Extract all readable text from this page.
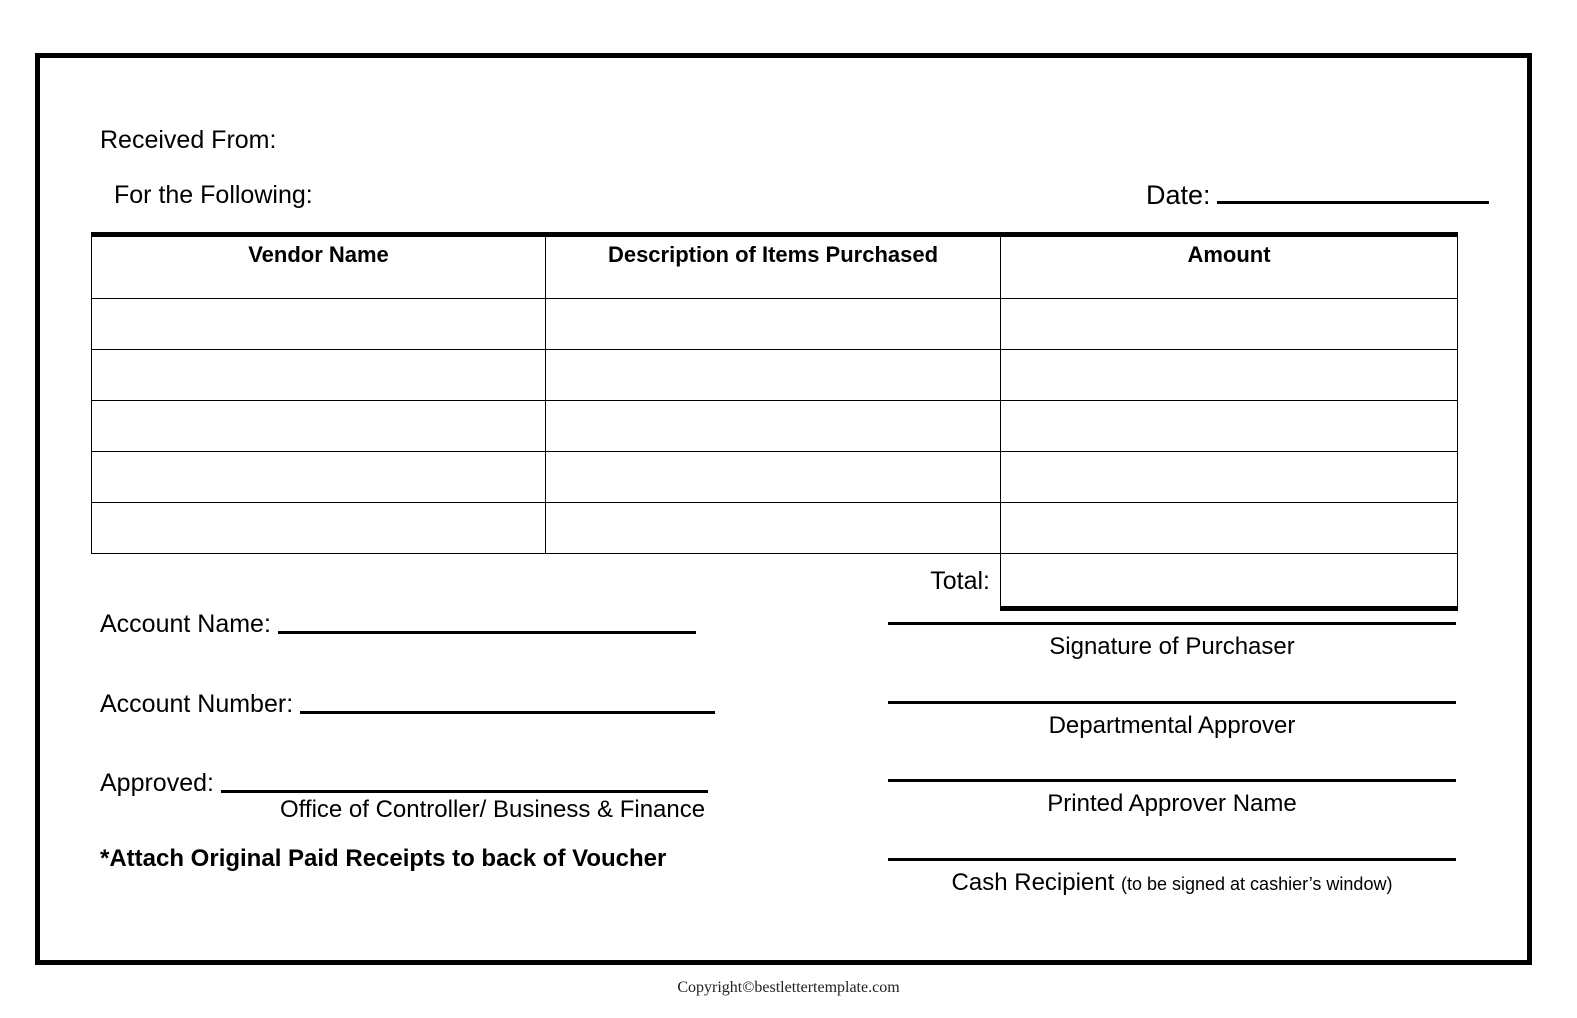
Received From:
For the Following:	Date:
Vendor Name	Description of Items Purchased	Amount

	Total:	
Account Name:
Account Number:
Approved:
Office of Controller/ Business & Finance
*Attach Original Paid Receipts to back of Voucher
Signature of Purchaser
Departmental Approver
Printed Approver Name
Cash Recipient (to be signed at cashier’s window)
Copyright©bestlettertemplate.com
